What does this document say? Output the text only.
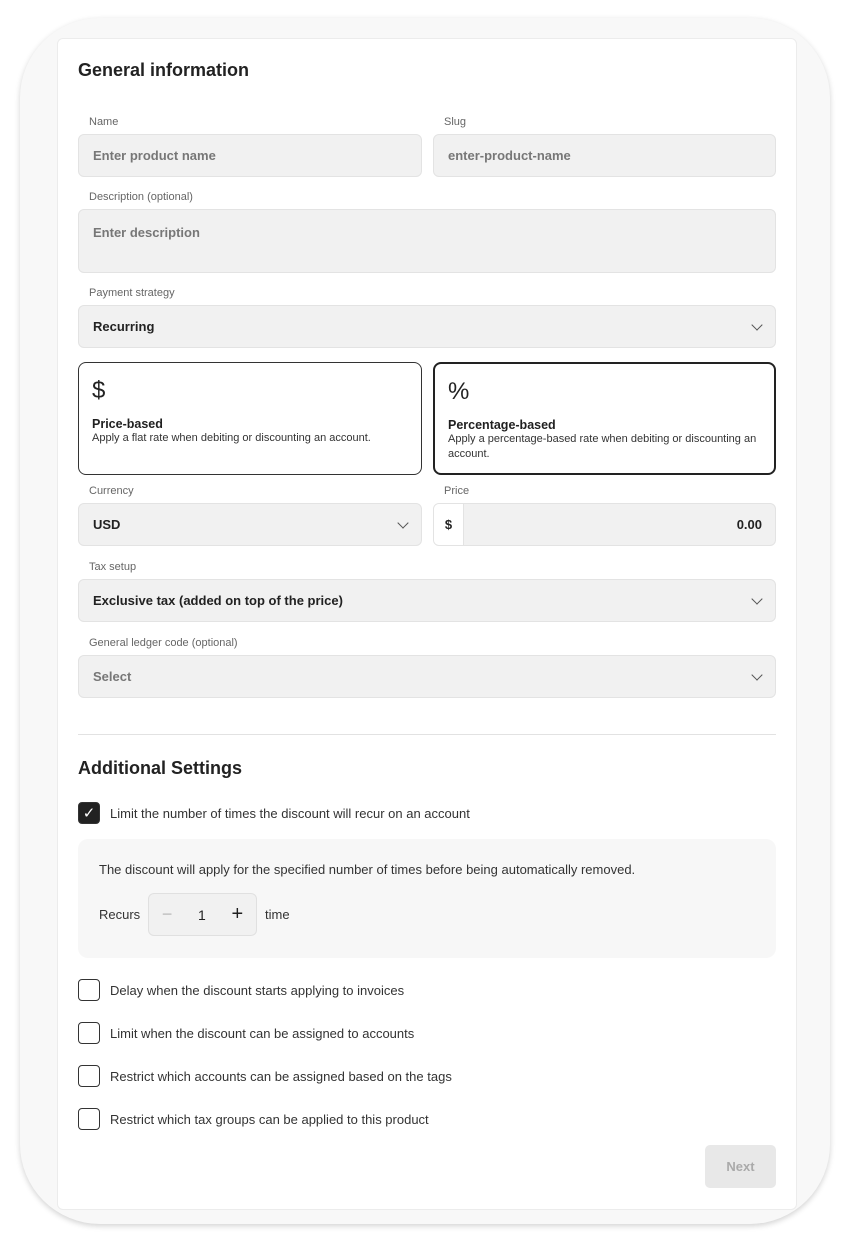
General information
Name
Enter product name
Slug
enter-product-name
Description (optional)
Enter description
Payment strategy
Recurring
$
Price-based
Apply a flat rate when debiting or discounting an account.
%
Percentage-based
Apply a percentage-based rate when debiting or discounting an account.
Currency
USD
Price
$	0.00
Tax setup
Exclusive tax (added on top of the price)
General ledger code (optional)
Select
Additional Settings
✓	Limit the number of times the discount will recur on an account
The discount will apply for the specified number of times before being automatically removed.
Recurs − 1 + time
Delay when the discount starts applying to invoices
Limit when the discount can be assigned to accounts
Restrict which accounts can be assigned based on the tags
Restrict which tax groups can be applied to this product
Next
